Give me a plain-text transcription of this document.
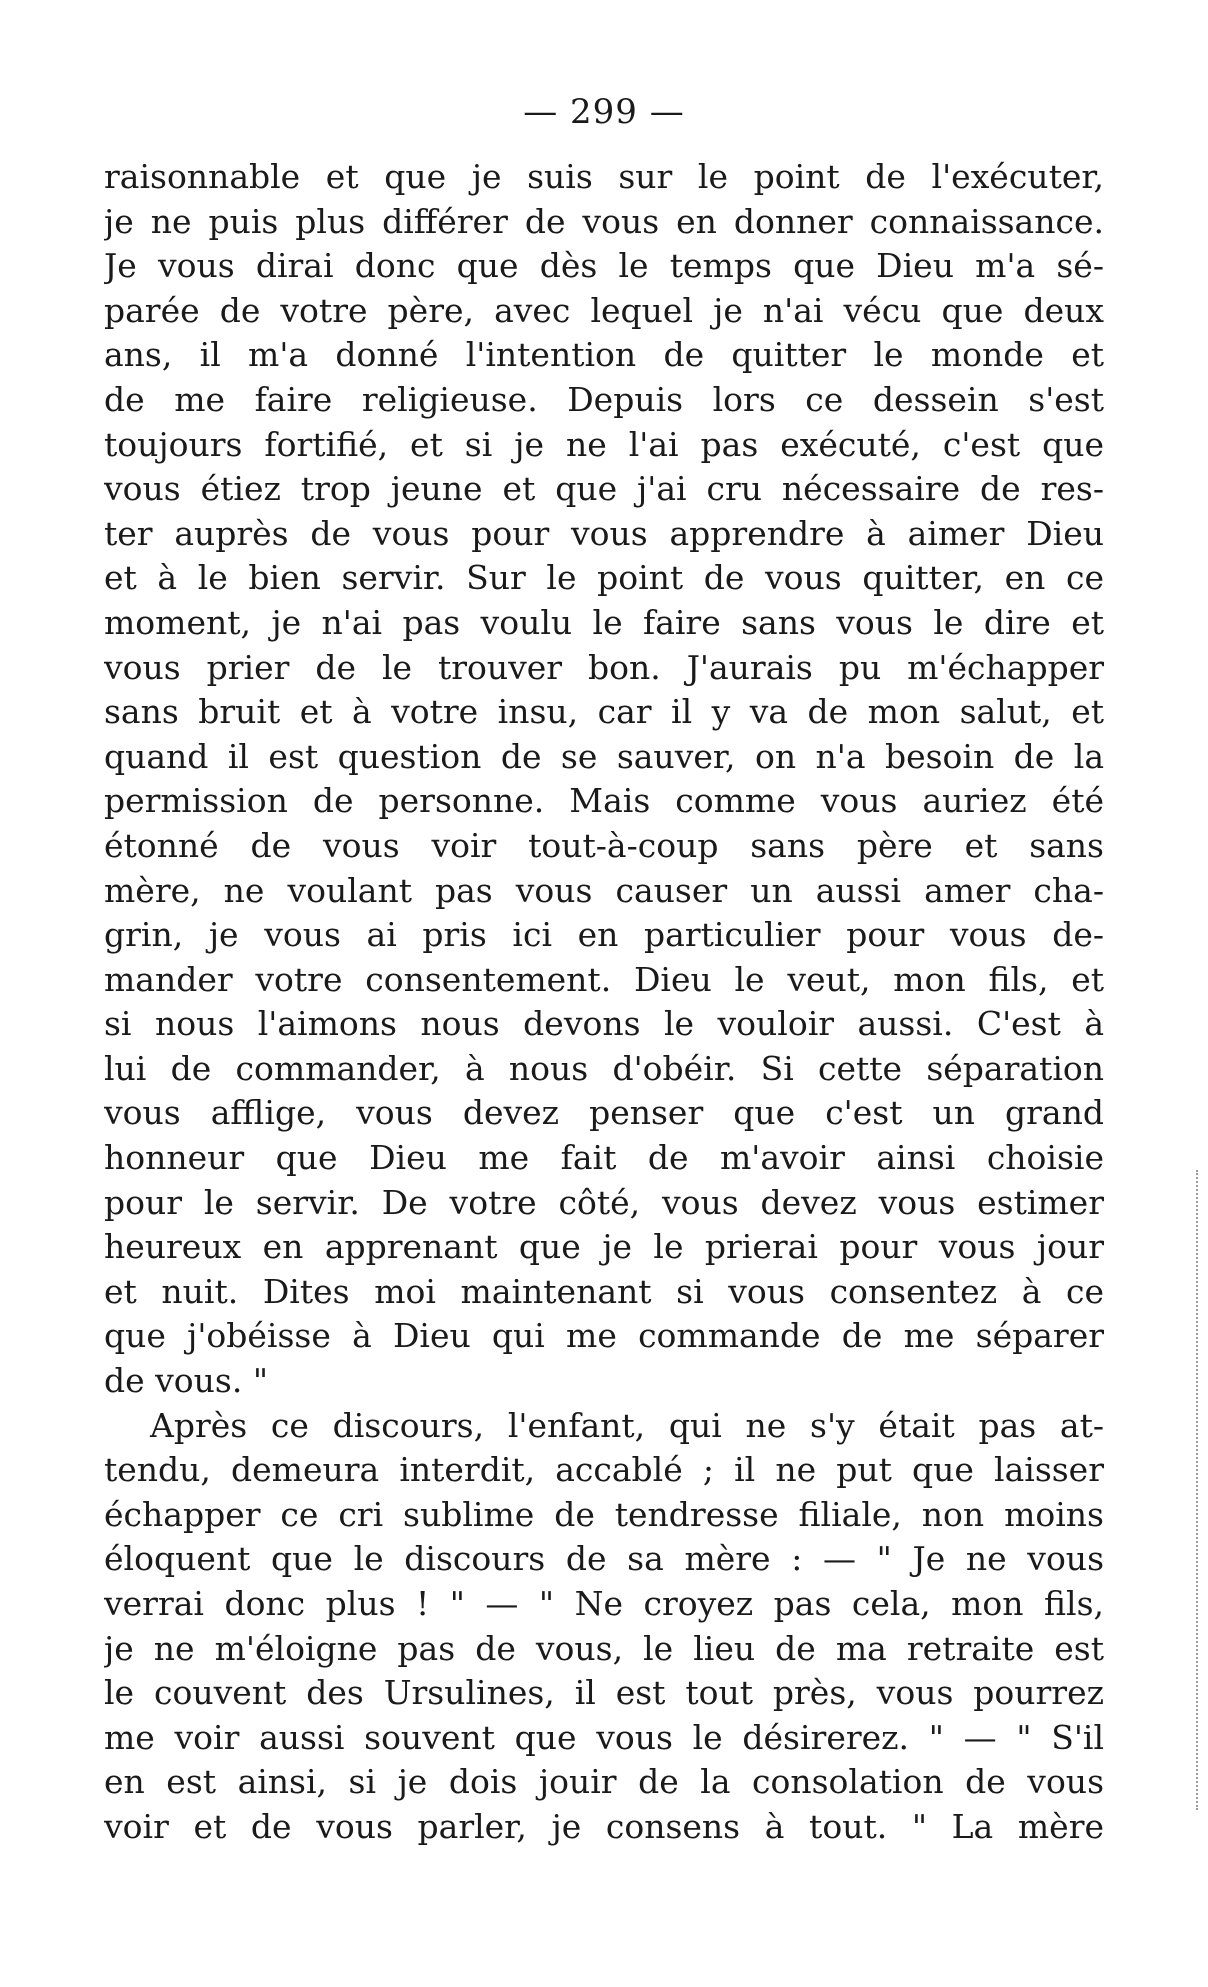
— 299 —
raisonnable et que je suis sur le point de l'exécuter,
je ne puis plus différer de vous en donner connaissance.
Je vous dirai donc que dès le temps que Dieu m'a sé-
parée de votre père, avec lequel je n'ai vécu que deux
ans, il m'a donné l'intention de quitter le monde et
de me faire religieuse. Depuis lors ce dessein s'est
toujours fortifié, et si je ne l'ai pas exécuté, c'est que
vous étiez trop jeune et que j'ai cru nécessaire de res-
ter auprès de vous pour vous apprendre à aimer Dieu
et à le bien servir. Sur le point de vous quitter, en ce
moment, je n'ai pas voulu le faire sans vous le dire et
vous prier de le trouver bon. J'aurais pu m'échapper
sans bruit et à votre insu, car il y va de mon salut, et
quand il est question de se sauver, on n'a besoin de la
permission de personne. Mais comme vous auriez été
étonné de vous voir tout-à-coup sans père et sans
mère, ne voulant pas vous causer un aussi amer cha-
grin, je vous ai pris ici en particulier pour vous de-
mander votre consentement. Dieu le veut, mon fils, et
si nous l'aimons nous devons le vouloir aussi. C'est à
lui de commander, à nous d'obéir. Si cette séparation
vous afflige, vous devez penser que c'est un grand
honneur que Dieu me fait de m'avoir ainsi choisie
pour le servir. De votre côté, vous devez vous estimer
heureux en apprenant que je le prierai pour vous jour
et nuit. Dites moi maintenant si vous consentez à ce
que j'obéisse à Dieu qui me commande de me séparer
de vous. "
Après ce discours, l'enfant, qui ne s'y était pas at-
tendu, demeura interdit, accablé ; il ne put que laisser
échapper ce cri sublime de tendresse filiale, non moins
éloquent que le discours de sa mère : — " Je ne vous
verrai donc plus ! " — " Ne croyez pas cela, mon fils,
je ne m'éloigne pas de vous, le lieu de ma retraite est
le couvent des Ursulines, il est tout près, vous pourrez
me voir aussi souvent que vous le désirerez. " — " S'il
en est ainsi, si je dois jouir de la consolation de vous
voir et de vous parler, je consens à tout. " La mère
